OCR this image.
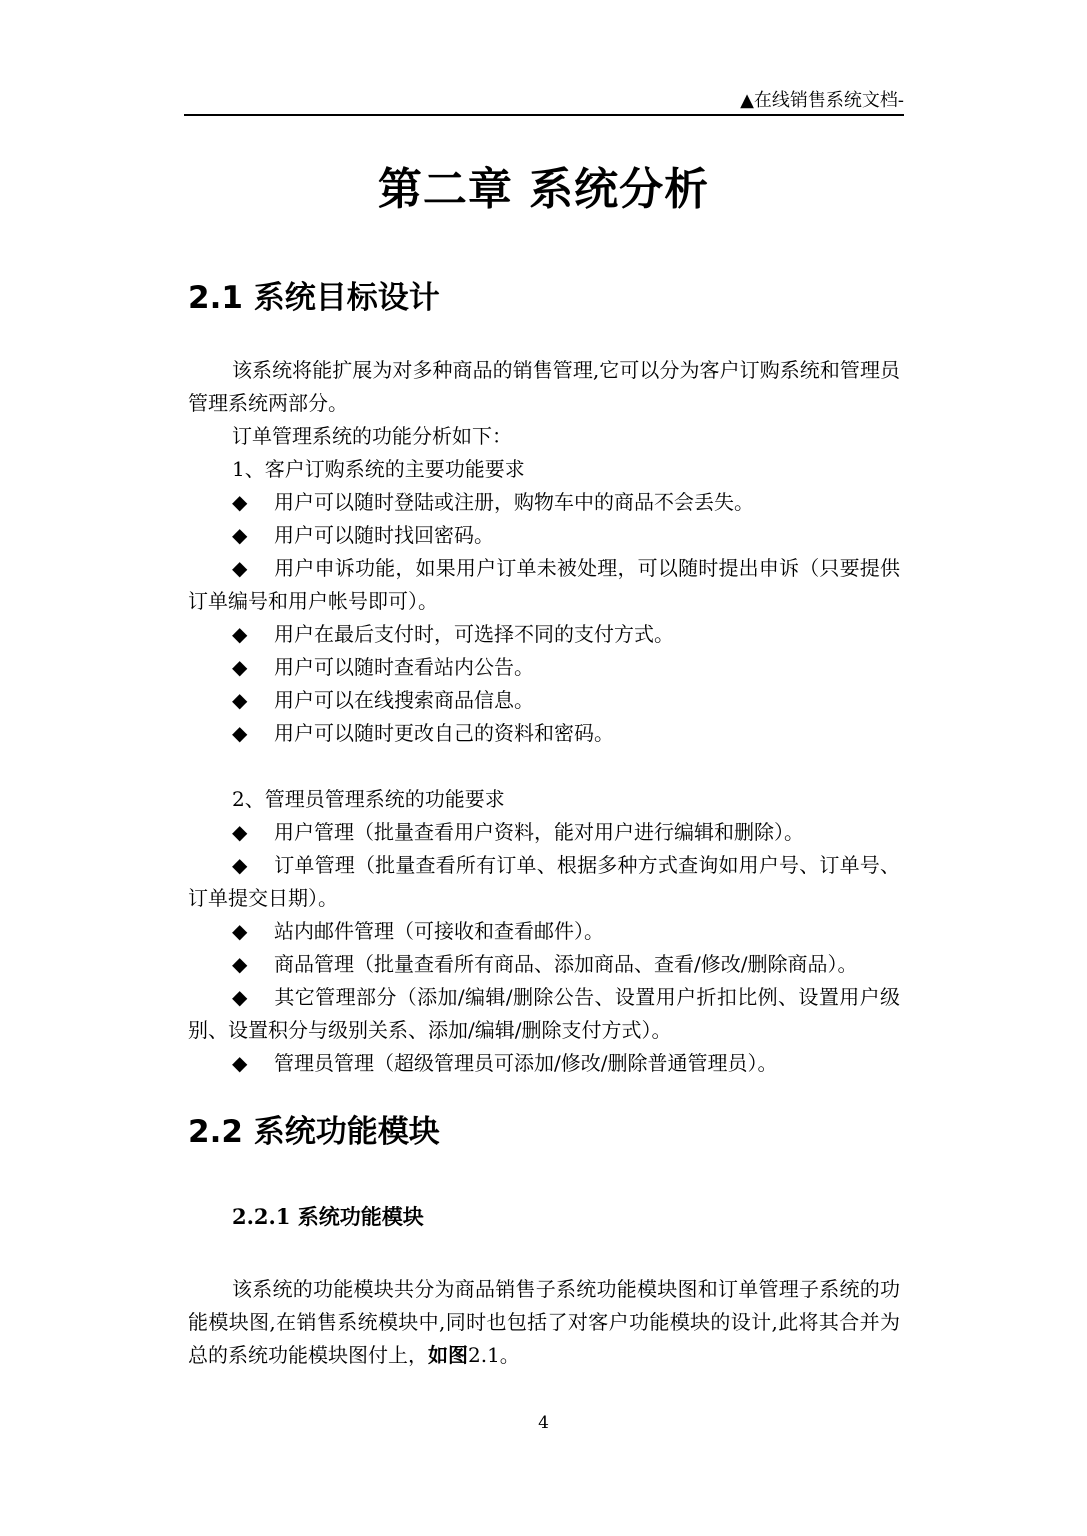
▲在线销售系统文档-
第二章 系统分析
2.1 系统目标设计

该系统将能扩展为对多种商品的销售管理,它可以分为客户订购系统和管理员管理系统两部分。

订单管理系统的功能分析如下：

1、客户订购系统的主要功能要求

◆ 用户可以随时登陆或注册，购物车中的商品不会丢失。

◆ 用户可以随时找回密码。

◆ 用户申诉功能，如果用户订单未被处理，可以随时提出申诉（只要提供订单编号和用户帐号即可）。

◆ 用户在最后支付时，可选择不同的支付方式。

◆ 用户可以随时查看站内公告。

◆ 用户可以在线搜索商品信息。

◆ 用户可以随时更改自己的资料和密码。

2、管理员管理系统的功能要求

◆ 用户管理（批量查看用户资料，能对用户进行编辑和删除）。

◆ 订单管理（批量查看所有订单、根据多种方式查询如用户号、订单号、订单提交日期）。

◆ 站内邮件管理（可接收和查看邮件）。

◆ 商品管理（批量查看所有商品、添加商品、查看/修改/删除商品）。

◆ 其它管理部分（添加/编辑/删除公告、设置用户折扣比例、设置用户级别、设置积分与级别关系、添加/编辑/删除支付方式）。

◆ 管理员管理（超级管理员可添加/修改/删除普通管理员）。

2.2 系统功能模块
2.2.1 系统功能模块

该系统的功能模块共分为商品销售子系统功能模块图和订单管理子系统的功能模块图,在销售系统模块中,同时也包括了对客户功能模块的设计,此将其合并为总的系统功能模块图付上，如图2.1。

4
